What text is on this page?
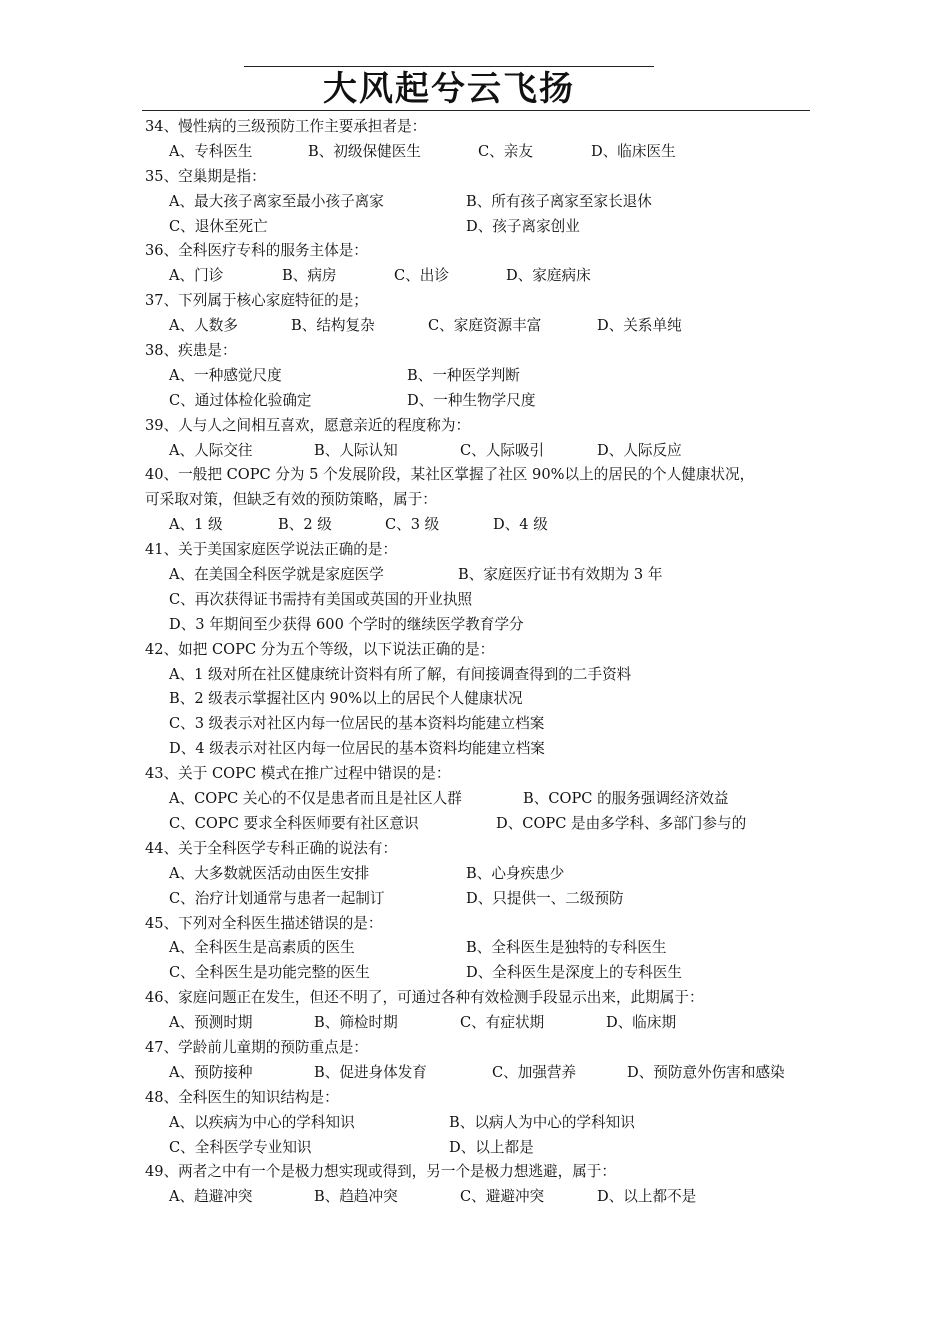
大风起兮云飞扬
34、慢性病的三级预防工作主要承担者是：
A、专科医生	B、初级保健医生	C、亲友	D、临床医生
35、空巢期是指：
A、最大孩子离家至最小孩子离家	B、所有孩子离家至家长退休
C、退休至死亡	D、孩子离家创业
36、全科医疗专科的服务主体是：
A、门诊	B、病房	C、出诊	D、家庭病床
37、下列属于核心家庭特征的是；
A、人数多	B、结构复杂	C、家庭资源丰富	D、关系单纯
38、疾患是：
A、一种感觉尺度	B、一种医学判断
C、通过体检化验确定	D、一种生物学尺度
39、人与人之间相互喜欢，愿意亲近的程度称为：
A、人际交往	B、人际认知	C、人际吸引	D、人际反应
40、一般把 COPC 分为 5 个发展阶段，某社区掌握了社区 90%以上的居民的个人健康状况，
可采取对策，但缺乏有效的预防策略，属于：
A、1 级	B、2 级	C、3 级	D、4 级
41、关于美国家庭医学说法正确的是：
A、在美国全科医学就是家庭医学	B、家庭医疗证书有效期为 3 年
C、再次获得证书需持有美国或英国的开业执照
D、3 年期间至少获得 600 个学时的继续医学教育学分
42、如把 COPC 分为五个等级，以下说法正确的是：
A、1 级对所在社区健康统计资料有所了解，有间接调查得到的二手资料
B、2 级表示掌握社区内 90%以上的居民个人健康状况
C、3 级表示对社区内每一位居民的基本资料均能建立档案
D、4 级表示对社区内每一位居民的基本资料均能建立档案
43、关于 COPC 模式在推广过程中错误的是：
A、COPC 关心的不仅是患者而且是社区人群	B、COPC 的服务强调经济效益
C、COPC 要求全科医师要有社区意识	D、COPC 是由多学科、多部门参与的
44、关于全科医学专科正确的说法有：
A、大多数就医活动由医生安排	B、心身疾患少
C、治疗计划通常与患者一起制订	D、只提供一、二级预防
45、下列对全科医生描述错误的是：
A、全科医生是高素质的医生	B、全科医生是独特的专科医生
C、全科医生是功能完整的医生	D、全科医生是深度上的专科医生
46、家庭问题正在发生，但还不明了，可通过各种有效检测手段显示出来，此期属于：
A、预测时期	B、筛检时期	C、有症状期	D、临床期
47、学龄前儿童期的预防重点是：
A、预防接种	B、促进身体发育	C、加强营养	D、预防意外伤害和感染
48、全科医生的知识结构是：
A、以疾病为中心的学科知识	B、以病人为中心的学科知识
C、全科医学专业知识	D、以上都是
49、两者之中有一个是极力想实现或得到，另一个是极力想逃避，属于：
A、趋避冲突	B、趋趋冲突	C、避避冲突	D、以上都不是
